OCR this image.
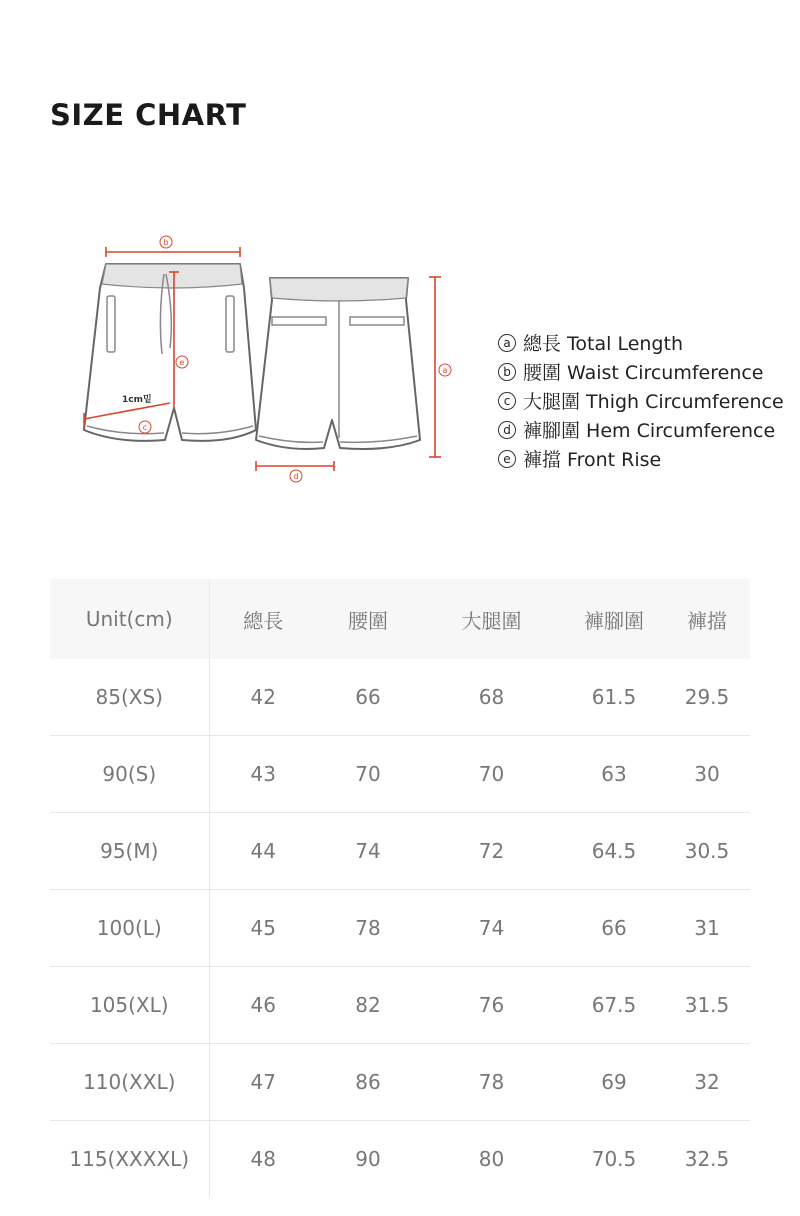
SIZE CHART
b
e
c
a
d
1cm밑
a 總長 Total Length
b 腰圍 Waist Circumference
c 大腿圍 Thigh Circumference
d 褲腳圍 Hem Circumference
e 褲擋 Front Rise
Unit(cm)	總長	腰圍	大腿圍	褲腳圍	褲擋
85(XS)	42	66	68	61.5	29.5
90(S)	43	70	70	63	30
95(M)	44	74	72	64.5	30.5
100(L)	45	78	74	66	31
105(XL)	46	82	76	67.5	31.5
110(XXL)	47	86	78	69	32
115(XXXXL)	48	90	80	70.5	32.5
